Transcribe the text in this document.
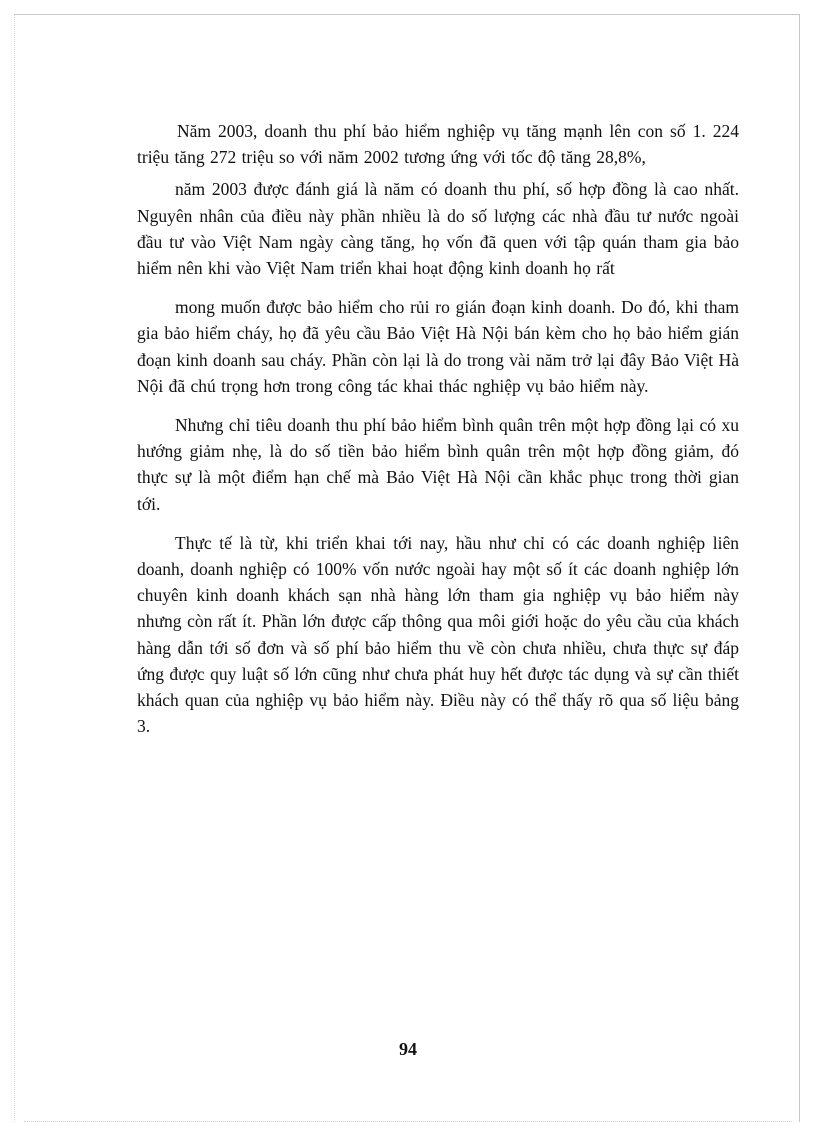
Năm 2003, doanh thu phí bảo hiểm nghiệp vụ tăng mạnh lên con số 1. 224 triệu tăng 272 triệu so với năm 2002 tương ứng với tốc độ tăng 28,8%,

năm 2003 được đánh giá là năm có doanh thu phí, số hợp đồng là cao nhất. Nguyên nhân của điều này phần nhiều là do số lượng các nhà đầu tư nước ngoài đầu tư vào Việt Nam ngày càng tăng, họ vốn đã quen với tập quán tham gia bảo hiểm nên khi vào Việt Nam triển khai hoạt động kinh doanh họ rất

mong muốn được bảo hiểm cho rủi ro gián đoạn kinh doanh. Do đó, khi tham gia bảo hiểm cháy, họ đã yêu cầu Bảo Việt Hà Nội bán kèm cho họ bảo hiểm gián đoạn kinh doanh sau cháy. Phần còn lại là do trong vài năm trở lại đây Bảo Việt Hà Nội đã chú trọng hơn trong công tác khai thác nghiệp vụ bảo hiểm này.

Nhưng chỉ tiêu doanh thu phí bảo hiểm bình quân trên một hợp đồng lại có xu hướng giảm nhẹ, là do số tiền bảo hiểm bình quân trên một hợp đồng giảm, đó thực sự là một điểm hạn chế mà Bảo Việt Hà Nội cần khắc phục trong thời gian tới.

Thực tế là từ, khi triển khai tới nay, hầu như chỉ có các doanh nghiệp liên doanh, doanh nghiệp có 100% vốn nước ngoài hay một số ít các doanh nghiệp lớn chuyên kinh doanh khách sạn nhà hàng lớn tham gia nghiệp vụ bảo hiểm này nhưng còn rất ít. Phần lớn được cấp thông qua môi giới hoặc do yêu cầu của khách hàng dẫn tới số đơn và số phí bảo hiểm thu về còn chưa nhiều, chưa thực sự đáp ứng được quy luật số lớn cũng như chưa phát huy hết được tác dụng và sự cần thiết khách quan của nghiệp vụ bảo hiểm này. Điều này có thể thấy rõ qua số liệu bảng 3.

94
